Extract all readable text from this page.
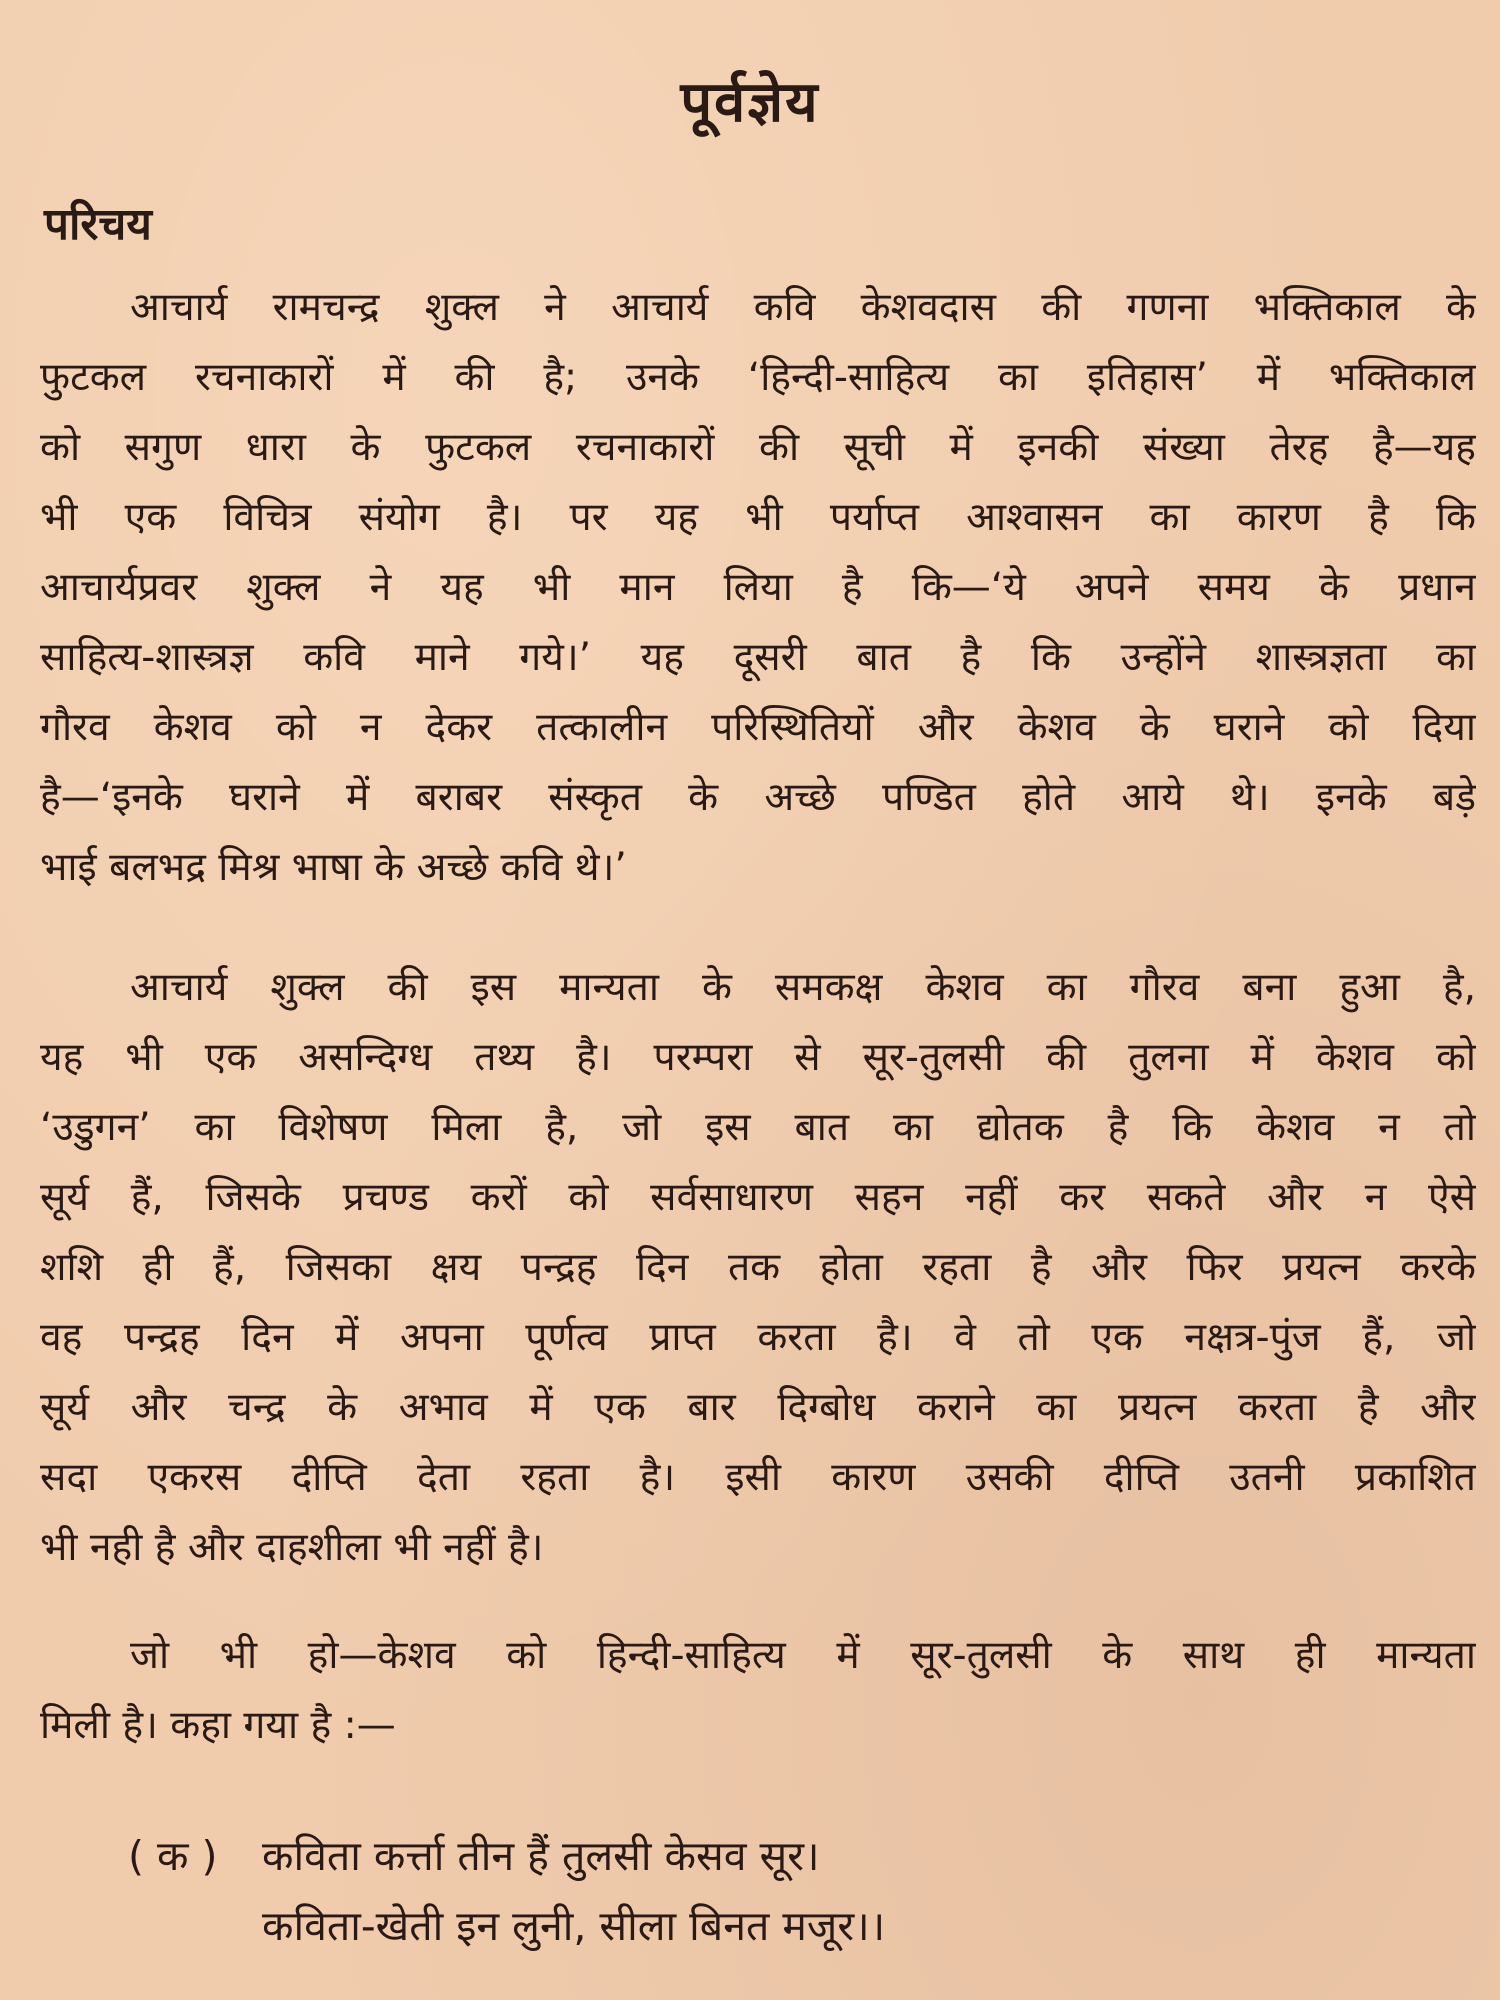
पूर्वज्ञेय
परिचय
आचार्य रामचन्द्र शुक्ल ने आचार्य कवि केशवदास की गणना भक्तिकाल के
फुटकल रचनाकारों में की है; उनके ‘हिन्दी-साहित्य का इतिहास’ में भक्तिकाल
को सगुण धारा के फुटकल रचनाकारों की सूची में इनकी संख्या तेरह है—यह
भी एक विचित्र संयोग है। पर यह भी पर्याप्त आश्वासन का कारण है कि
आचार्यप्रवर शुक्ल ने यह भी मान लिया है कि—‘ये अपने समय के प्रधान
साहित्य-शास्त्रज्ञ कवि माने गये।’ यह दूसरी बात है कि उन्होंने शास्त्रज्ञता का
गौरव केशव को न देकर तत्कालीन परिस्थितियों और केशव के घराने को दिया
है—‘इनके घराने में बराबर संस्कृत के अच्छे पण्डित होते आये थे। इनके बड़े
भाई बलभद्र मिश्र भाषा के अच्छे कवि थे।’
आचार्य शुक्ल की इस मान्यता के समकक्ष केशव का गौरव बना हुआ है,
यह भी एक असन्दिग्ध तथ्य है। परम्परा से सूर-तुलसी की तुलना में केशव को
‘उडुगन’ का विशेषण मिला है, जो इस बात का द्योतक है कि केशव न तो
सूर्य हैं, जिसके प्रचण्ड करों को सर्वसाधारण सहन नहीं कर सकते और न ऐसे
शशि ही हैं, जिसका क्षय पन्द्रह दिन तक होता रहता है और फिर प्रयत्न करके
वह पन्द्रह दिन में अपना पूर्णत्व प्राप्त करता है। वे तो एक नक्षत्र-पुंज हैं, जो
सूर्य और चन्द्र के अभाव में एक बार दिग्बोध कराने का प्रयत्न करता है और
सदा एकरस दीप्ति देता रहता है। इसी कारण उसकी दीप्ति उतनी प्रकाशित
भी नही है और दाहशीला भी नहीं है।
जो भी हो—केशव को हिन्दी-साहित्य में सूर-तुलसी के साथ ही मान्यता
मिली है। कहा गया है :—
( क ) कविता कर्त्ता तीन हैं तुलसी केसव सूर।
कविता-खेती इन लुनी, सीला बिनत मजूर।।
